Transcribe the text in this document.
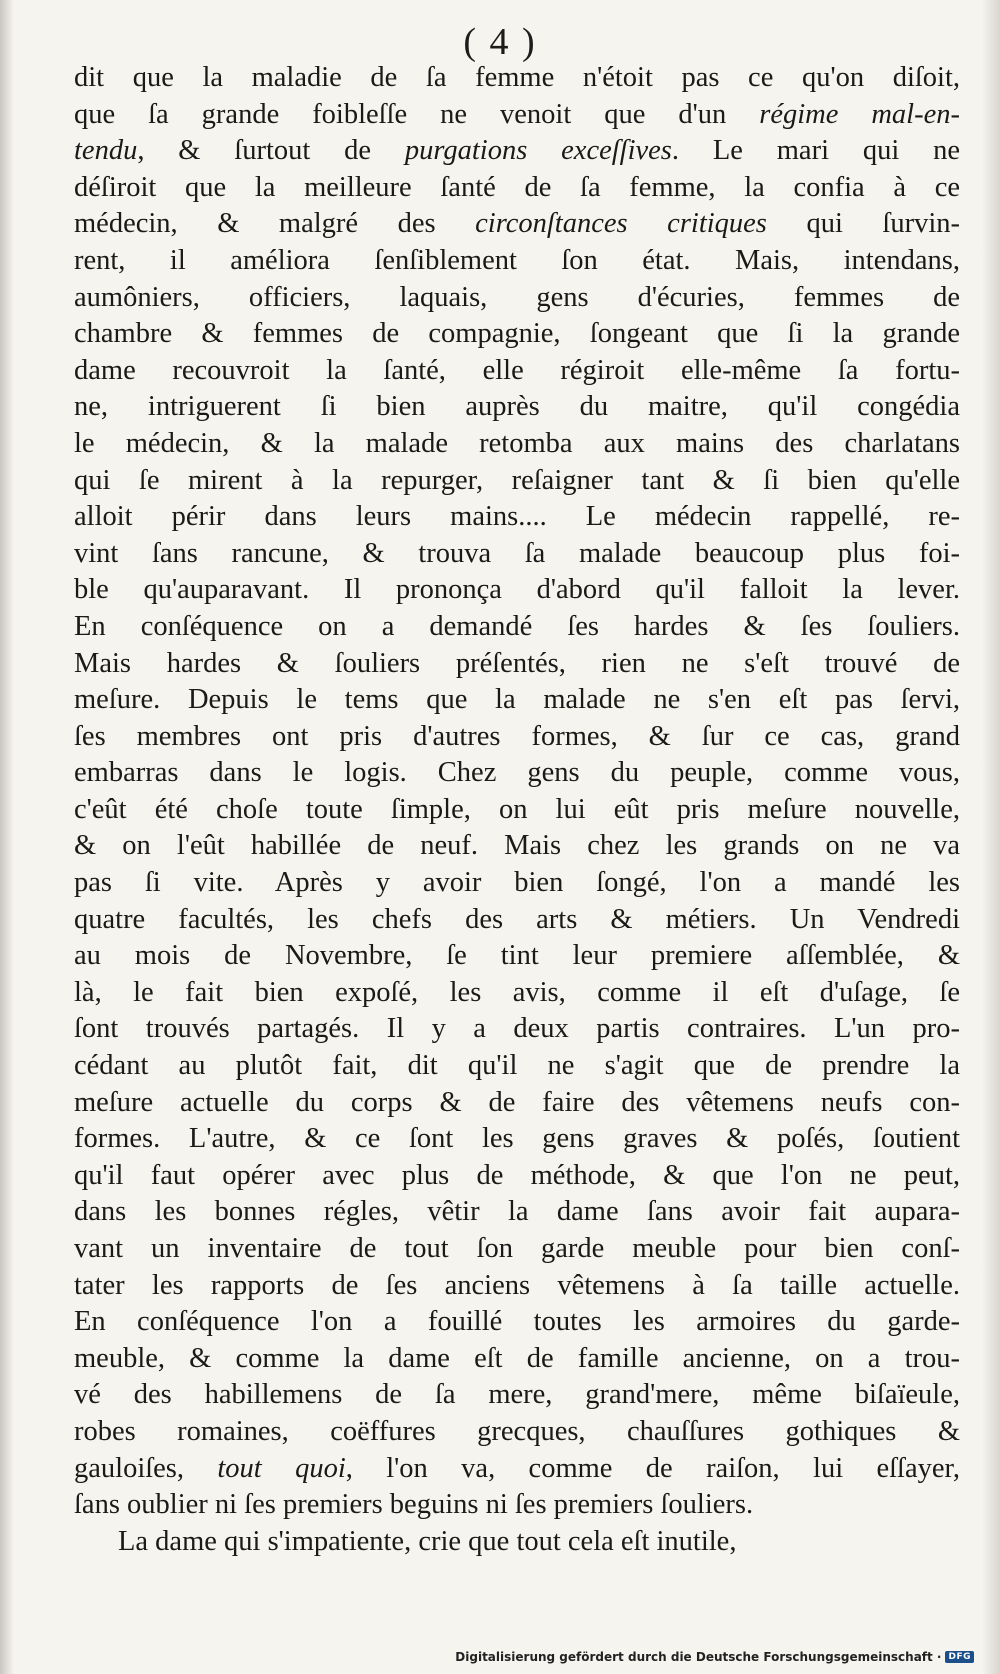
( 4 )
dit que la maladie de ſa femme n'étoit pas ce qu'on diſoit,
que ſa grande foibleſſe ne venoit que d'un régime mal-en-
tendu, & ſurtout de purgations exceſſives. Le mari qui ne
déſiroit que la meilleure ſanté de ſa femme, la confia à ce
médecin, & malgré des circonſtances critiques qui ſurvin-
rent, il améliora ſenſiblement ſon état. Mais, intendans,
aumôniers, officiers, laquais, gens d'écuries, femmes de
chambre & femmes de compagnie, ſongeant que ſi la grande
dame recouvroit la ſanté, elle régiroit elle-même ſa fortu-
ne, intriguerent ſi bien auprès du maitre, qu'il congédia
le médecin, & la malade retomba aux mains des charlatans
qui ſe mirent à la repurger, reſaigner tant & ſi bien qu'elle
alloit périr dans leurs mains.... Le médecin rappellé, re-
vint ſans rancune, & trouva ſa malade beaucoup plus foi-
ble qu'auparavant. Il prononça d'abord qu'il falloit la lever.
En conſéquence on a demandé ſes hardes & ſes ſouliers.
Mais hardes & ſouliers préſentés, rien ne s'eſt trouvé de
meſure. Depuis le tems que la malade ne s'en eſt pas ſervi,
ſes membres ont pris d'autres formes, & ſur ce cas, grand
embarras dans le logis. Chez gens du peuple, comme vous,
c'eût été choſe toute ſimple, on lui eût pris meſure nouvelle,
& on l'eût habillée de neuf. Mais chez les grands on ne va
pas ſi vite. Après y avoir bien ſongé, l'on a mandé les
quatre facultés, les chefs des arts & métiers. Un Vendredi
au mois de Novembre, ſe tint leur premiere aſſemblée, &
là, le fait bien expoſé, les avis, comme il eſt d'uſage, ſe
ſont trouvés partagés. Il y a deux partis contraires. L'un pro-
cédant au plutôt fait, dit qu'il ne s'agit que de prendre la
meſure actuelle du corps & de faire des vêtemens neufs con-
formes. L'autre, & ce ſont les gens graves & poſés, ſoutient
qu'il faut opérer avec plus de méthode, & que l'on ne peut,
dans les bonnes régles, vêtir la dame ſans avoir fait aupara-
vant un inventaire de tout ſon garde meuble pour bien conſ-
tater les rapports de ſes anciens vêtemens à ſa taille actuelle.
En conſéquence l'on a fouillé toutes les armoires du garde-
meuble, & comme la dame eſt de famille ancienne, on a trou-
vé des habillemens de ſa mere, grand'mere, même biſaïeule,
robes romaines, coëffures grecques, chauſſures gothiques &
gauloiſes, tout quoi, l'on va, comme de raiſon, lui eſſayer,
ſans oublier ni ſes premiers beguins ni ſes premiers ſouliers.
La dame qui s'impatiente, crie que tout cela eſt inutile,
Digitalisierung gefördert durch die Deutsche Forschungsgemeinschaft · DFG
